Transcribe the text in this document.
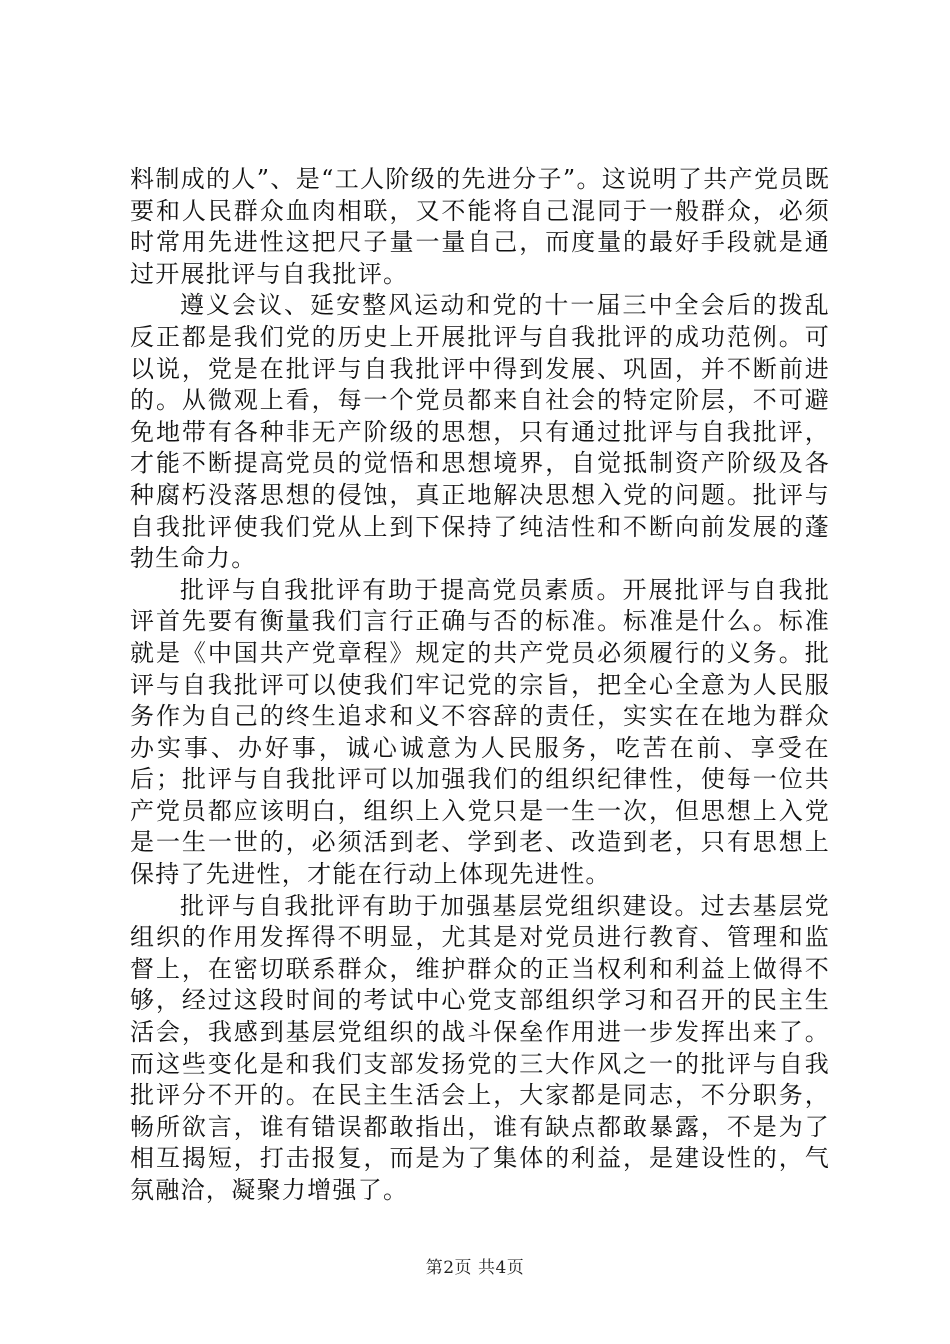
料制成的人”、是“工人阶级的先进分子”。这说明了共产党员既要和人民群众血肉相联，又不能将自己混同于一般群众，必须时常用先进性这把尺子量一量自己，而度量的最好手段就是通过开展批评与自我批评。

遵义会议、延安整风运动和党的十一届三中全会后的拨乱反正都是我们党的历史上开展批评与自我批评的成功范例。可以说，党是在批评与自我批评中得到发展、巩固，并不断前进的。从微观上看，每一个党员都来自社会的特定阶层，不可避免地带有各种非无产阶级的思想，只有通过批评与自我批评，才能不断提高党员的觉悟和思想境界，自觉抵制资产阶级及各种腐朽没落思想的侵蚀，真正地解决思想入党的问题。批评与自我批评使我们党从上到下保持了纯洁性和不断向前发展的蓬勃生命力。

批评与自我批评有助于提高党员素质。开展批评与自我批评首先要有衡量我们言行正确与否的标准。标准是什么。标准就是《中国共产党章程》规定的共产党员必须履行的义务。批评与自我批评可以使我们牢记党的宗旨，把全心全意为人民服务作为自己的终生追求和义不容辞的责任，实实在在地为群众办实事、办好事，诚心诚意为人民服务，吃苦在前、享受在后；批评与自我批评可以加强我们的组织纪律性，使每一位共产党员都应该明白，组织上入党只是一生一次，但思想上入党是一生一世的，必须活到老、学到老、改造到老，只有思想上保持了先进性，才能在行动上体现先进性。

批评与自我批评有助于加强基层党组织建设。过去基层党组织的作用发挥得不明显，尤其是对党员进行教育、管理和监督上，在密切联系群众，维护群众的正当权利和利益上做得不够，经过这段时间的考试中心党支部组织学习和召开的民主生活会，我感到基层党组织的战斗保垒作用进一步发挥出来了。而这些变化是和我们支部发扬党的三大作风之一的批评与自我批评分不开的。在民主生活会上，大家都是同志，不分职务，畅所欲言，谁有错误都敢指出，谁有缺点都敢暴露，不是为了相互揭短，打击报复，而是为了集体的利益，是建设性的，气氛融洽，凝聚力增强了。

第2页 共4页
